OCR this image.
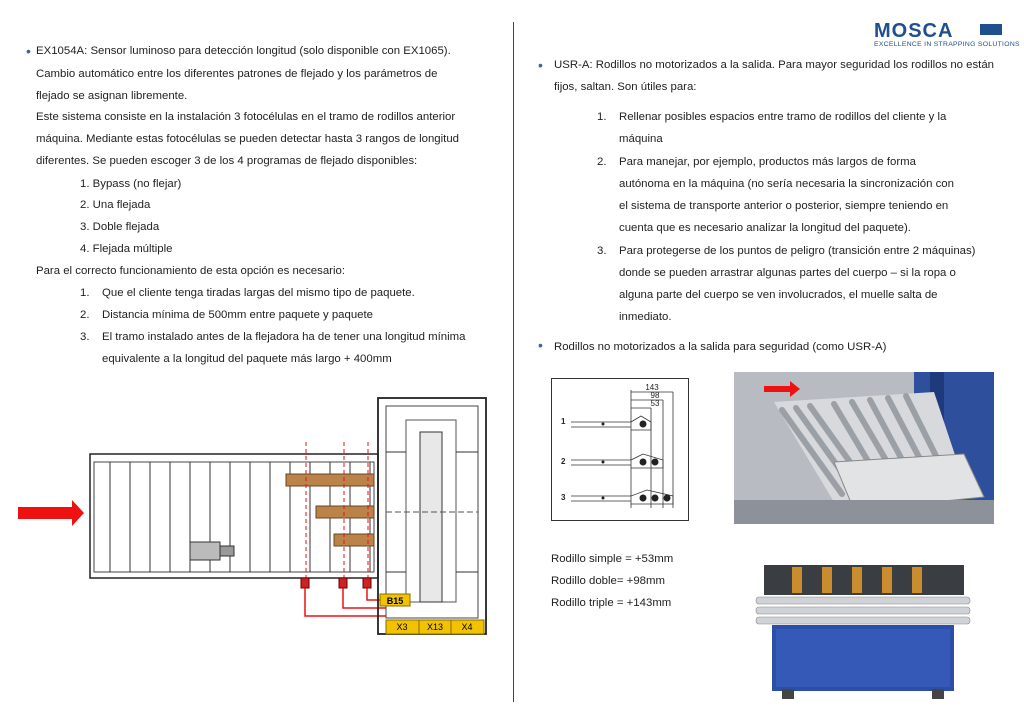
MOSCA
EXCELLENCE IN STRAPPING SOLUTIONS
• EX1054A: Sensor luminoso para detección longitud (solo disponible con EX1065).
Cambio automático entre los diferentes patrones de flejado y los parámetros de
flejado se asignan libremente.
Este sistema consiste en la instalación 3 fotocélulas en el tramo de rodillos anterior
máquina. Mediante estas fotocélulas se pueden detectar hasta 3 rangos de longitud
diferentes. Se pueden escoger 3 de los 4 programas de flejado disponibles:
1. Bypass (no flejar)
2. Una flejada
3. Doble flejada
4. Flejada múltiple
Para el correcto funcionamiento de esta opción es necesario:
1. Que el cliente tenga tiradas largas del mismo tipo de paquete.
2. Distancia mínima de 500mm entre paquete y paquete
3. El tramo instalado antes de la flejadora ha de tener una longitud mínima
equivalente a la longitud del paquete más largo + 400mm
B15
X3 X13 X4
• USR-A: Rodillos no motorizados a la salida. Para mayor seguridad los rodillos no están
fijos, saltan. Son útiles para:
1. Rellenar posibles espacios entre tramo de rodillos del cliente y la
máquina
2. Para manejar, por ejemplo, productos más largos de forma
autónoma en la máquina (no sería necesaria la sincronización con
el sistema de transporte anterior o posterior, siempre teniendo en
cuenta que es necesario analizar la longitud del paquete).
3. Para protegerse de los puntos de peligro (transición entre 2 máquinas)
donde se pueden arrastrar algunas partes del cuerpo – si la ropa o
alguna parte del cuerpo se ven involucrados, el muelle salta de
inmediato.
• Rodillos no motorizados a la salida para seguridad (como USR-A)
143
98
53
1
2
3
Rodillo simple = +53mm
Rodillo doble= +98mm
Rodillo triple = +143mm
